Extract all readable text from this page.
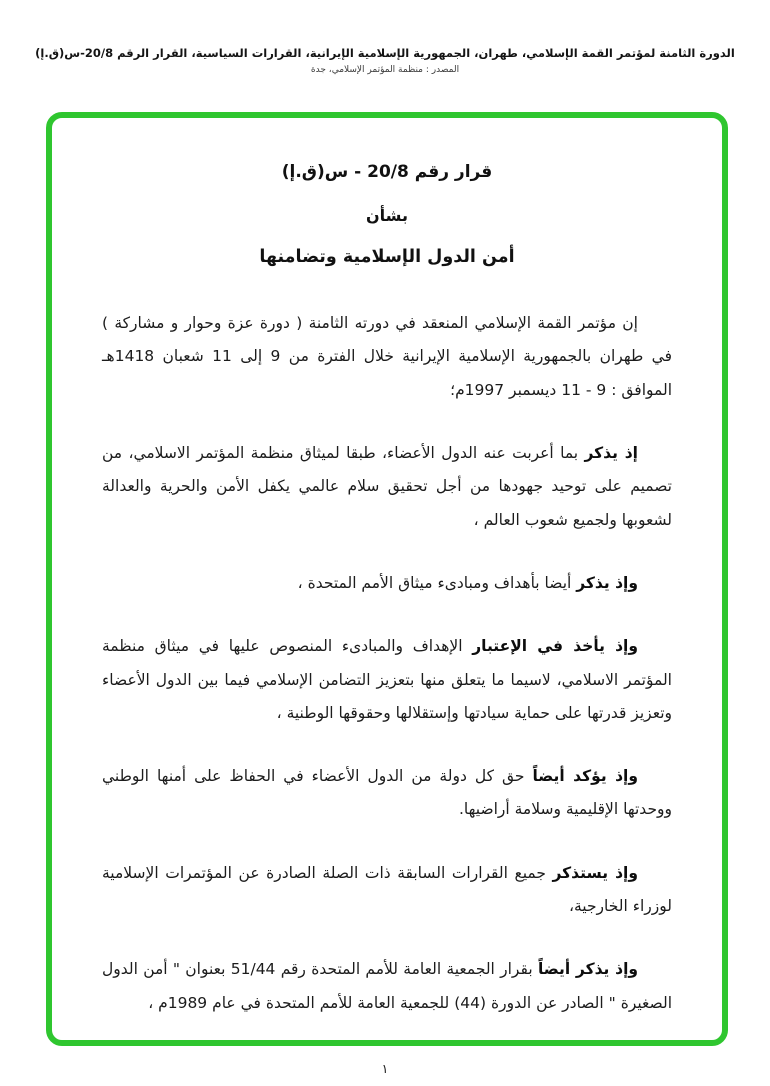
الدورة الثامنة لمؤتمر القمة الإسلامي، طهران، الجمهورية الإسلامية الإيرانية، القرارات السياسية، القرار الرقم 20/8-س(ق.إ)
المصدر : منظمة المؤتمر الإسلامي، جدة
قرار رقم 20/8 - س(ق.إ)
بشأن
أمن الدول الإسلامية وتضامنها

إن مؤتمر القمة الإسلامي المنعقد في دورته الثامنة ( دورة عزة وحوار و مشاركة ) في طهران بالجمهورية الإسلامية الإيرانية خلال الفترة من 9 إلى 11 شعبان 1418هـ الموافق : 9 - 11 ديسمبر 1997م؛

إذ يذكر بما أعربت عنه الدول الأعضاء، طبقا لميثاق منظمة المؤتمر الاسلامي، من تصميم على توحيد جهودها من أجل تحقيق سلام عالمي يكفل الأمن والحرية والعدالة لشعوبها ولجميع شعوب العالم ،

وإذ يذكر أيضا بأهداف ومبادىء ميثاق الأمم المتحدة ،

وإذ يأخذ في الإعتبار الإهداف والمبادىء المنصوص عليها في ميثاق منظمة المؤتمر الاسلامي، لاسيما ما يتعلق منها بتعزيز التضامن الإسلامي فيما بين الدول الأعضاء وتعزيز قدرتها على حماية سيادتها وإستقلالها وحقوقها الوطنية ،

وإذ يؤكد أيضاً حق كل دولة من الدول الأعضاء في الحفاظ على أمنها الوطني ووحدتها الإقليمية وسلامة أراضيها.

وإذ يستذكر جميع القرارات السابقة ذات الصلة الصادرة عن المؤتمرات الإسلامية لوزراء الخارجية،

وإذ يذكر أيضاً بقرار الجمعية العامة للأمم المتحدة رقم 51/44 بعنوان " أمن الدول الصغيرة " الصادر عن الدورة (44) للجمعية العامة للأمم المتحدة في عام 1989م ،

١
